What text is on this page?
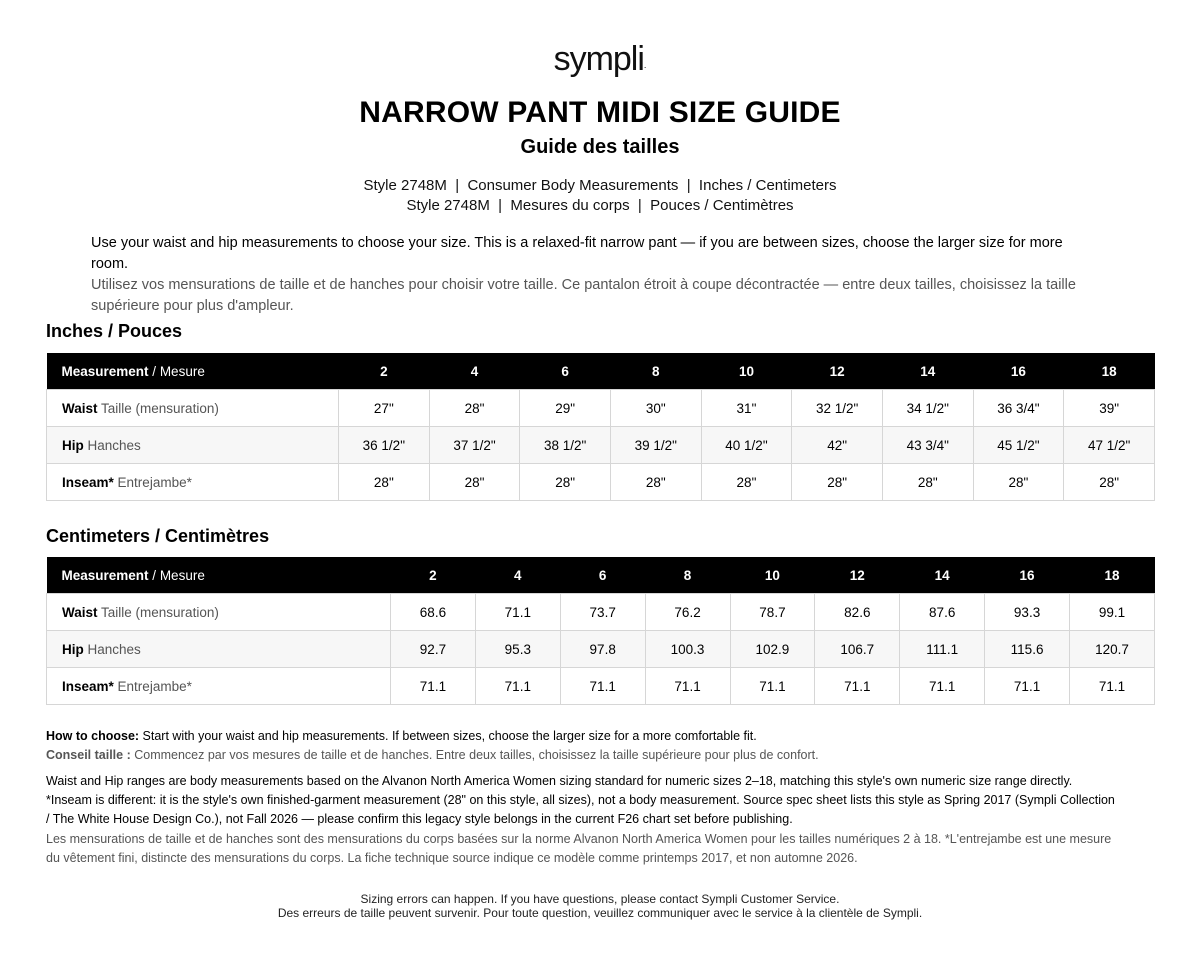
sympli.
NARROW PANT MIDI SIZE GUIDE
Guide des tailles
Style 2748M  |  Consumer Body Measurements  |  Inches / Centimeters
Style 2748M  |  Mesures du corps  |  Pouces / Centimètres
Use your waist and hip measurements to choose your size. This is a relaxed-fit narrow pant — if you are between sizes, choose the larger size for more room.
Utilisez vos mensurations de taille et de hanches pour choisir votre taille. Ce pantalon étroit à coupe décontractée — entre deux tailles, choisissez la taille supérieure pour plus d'ampleur.
Inches / Pouces
Measurement / Mesure	2	4	6	8	10	12	14	16	18
Waist Taille (mensuration)	27"	28"	29"	30"	31"	32 1/2"	34 1/2"	36 3/4"	39"
Hip Hanches	36 1/2"	37 1/2"	38 1/2"	39 1/2"	40 1/2"	42"	43 3/4"	45 1/2"	47 1/2"
Inseam* Entrejambe*	28"	28"	28"	28"	28"	28"	28"	28"	28"
Centimeters / Centimètres
Measurement / Mesure	2	4	6	8	10	12	14	16	18
Waist Taille (mensuration)	68.6	71.1	73.7	76.2	78.7	82.6	87.6	93.3	99.1
Hip Hanches	92.7	95.3	97.8	100.3	102.9	106.7	111.1	115.6	120.7
Inseam* Entrejambe*	71.1	71.1	71.1	71.1	71.1	71.1	71.1	71.1	71.1
How to choose: Start with your waist and hip measurements. If between sizes, choose the larger size for a more comfortable fit.
Conseil taille : Commencez par vos mesures de taille et de hanches. Entre deux tailles, choisissez la taille supérieure pour plus de confort.
Waist and Hip ranges are body measurements based on the Alvanon North America Women sizing standard for numeric sizes 2–18, matching this style's own numeric size range directly. *Inseam is different: it is the style's own finished-garment measurement (28" on this style, all sizes), not a body measurement. Source spec sheet lists this style as Spring 2017 (Sympli Collection / The White House Design Co.), not Fall 2026 — please confirm this legacy style belongs in the current F26 chart set before publishing.
Les mensurations de taille et de hanches sont des mensurations du corps basées sur la norme Alvanon North America Women pour les tailles numériques 2 à 18. *L'entrejambe est une mesure du vêtement fini, distincte des mensurations du corps. La fiche technique source indique ce modèle comme printemps 2017, et non automne 2026.
Sizing errors can happen. If you have questions, please contact Sympli Customer Service.
Des erreurs de taille peuvent survenir. Pour toute question, veuillez communiquer avec le service à la clientèle de Sympli.
